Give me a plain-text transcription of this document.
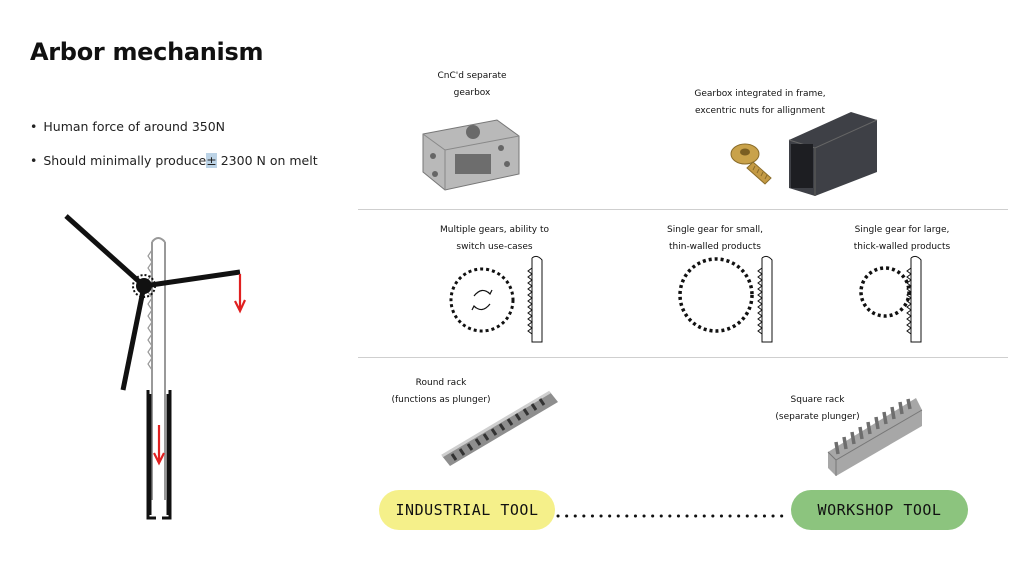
Arbor mechanism
• Human force of around 350N
• Should minimally produce± 2300 N on melt
CnC'd separate
gearbox	Gearbox integrated in frame,
excentric nuts for allignment
Multiple gears, ability to
switch use-cases
Single gear for small,
thin-walled products
Single gear for large,
thick-walled products
Round rack
(functions as plunger)	Square rack
(separate plunger)
INDUSTRIAL TOOL	WORKSHOP TOOL
